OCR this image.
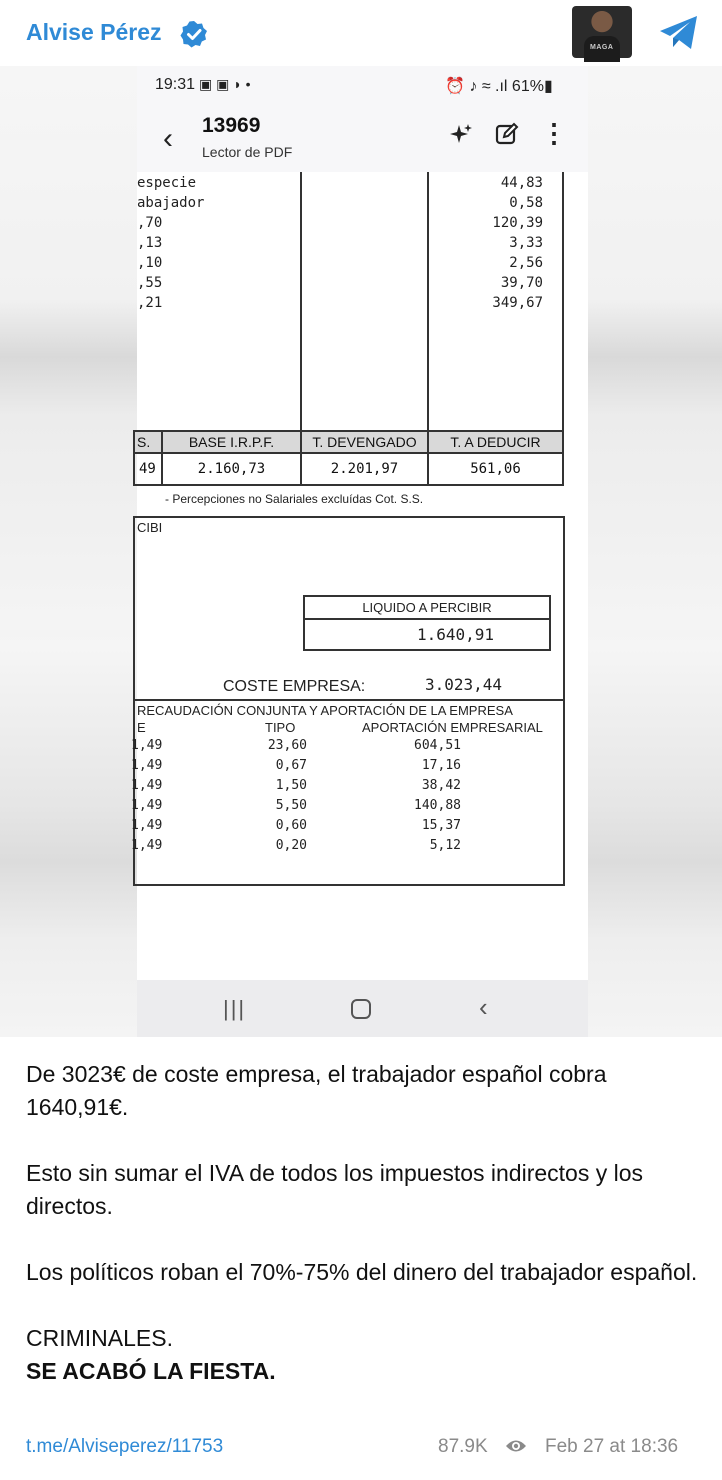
Alvise Pérez
MAGA
19:31 ▣ ▣ ◗ •	⏰ ♪ ≈ .ıl 61%▮
‹ 13969
Lector de PDF
⋮
especie	44,83
abajador	0,58
,70	120,39
,13	3,33
,10	2,56
,55	39,70
,21	349,67
S.	BASE I.R.P.F.	T. DEVENGADO	T. A DEDUCIR
49	2.160,73	2.201,97	561,06
- Percepciones no Salariales excluídas Cot. S.S.
CIBI
LIQUIDO A PERCIBIR
1.640,91
COSTE EMPRESA:	3.023,44
RECAUDACIÓN CONJUNTA Y APORTACIÓN DE LA EMPRESA
E	TIPO	APORTACIÓN EMPRESARIAL
1,49	23,60	604,51
1,49	0,67	17,16
1,49	1,50	38,42
1,49	5,50	140,88
1,49	0,60	15,37
1,49	0,20	5,12
|||	‹

De 3023€ de coste empresa, el trabajador español cobra 1640,91€.

Esto sin sumar el IVA de todos los impuestos indirectos y los directos.

Los políticos roban el 70%-75% del dinero del trabajador español.

CRIMINALES.

SE ACABÓ LA FIESTA.

t.me/Alviseperez/11753	87.9K	Feb 27 at 18:36
